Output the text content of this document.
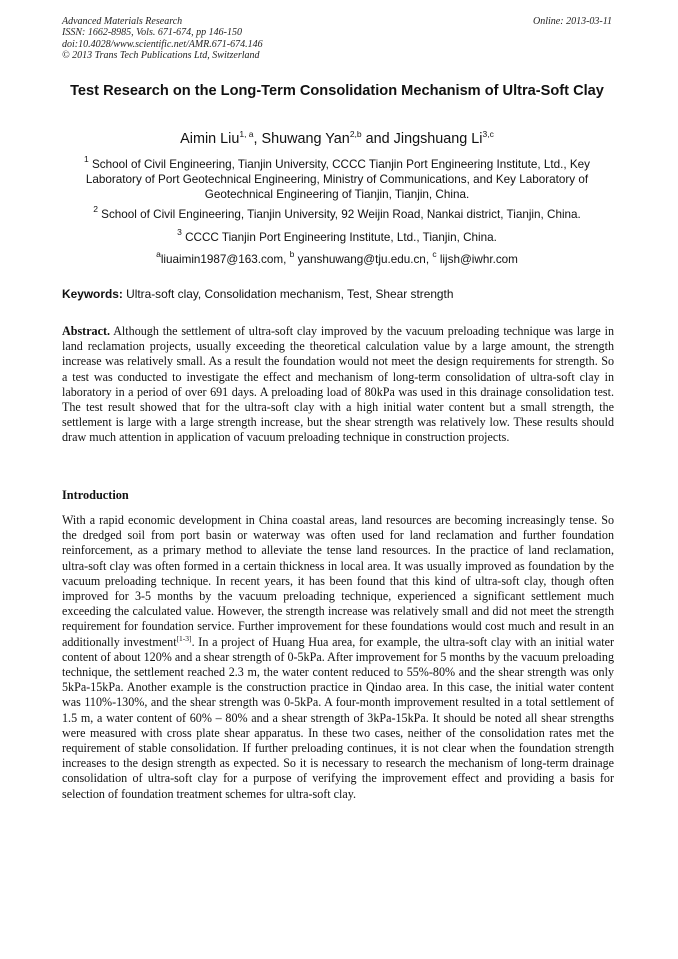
Advanced Materials Research
ISSN: 1662-8985, Vols. 671-674, pp 146-150
doi:10.4028/www.scientific.net/AMR.671-674.146
© 2013 Trans Tech Publications Ltd, Switzerland
Online: 2013-03-11
Test Research on the Long-Term Consolidation Mechanism of Ultra-Soft Clay
Aimin Liu$^{1, a}$, Shuwang Yan$^{2,b}$ and Jingshuang Li$^{3,c}$
$^1$ School of Civil Engineering, Tianjin University, CCCC Tianjin Port Engineering Institute, Ltd., Key Laboratory of Port Geotechnical Engineering, Ministry of Communications, and Key Laboratory of Geotechnical Engineering of Tianjin, Tianjin, China.
$^2$ School of Civil Engineering, Tianjin University, 92 Weijin Road, Nankai district, Tianjin, China.
$^3$ CCCC Tianjin Port Engineering Institute, Ltd., Tianjin, China.
$^a$liuaimin1987@163.com, $^b$ yanshuwang@tju.edu.cn, $^c$ lijsh@iwhr.com
Keywords: Ultra-soft clay, Consolidation mechanism, Test, Shear strength
Abstract. Although the settlement of ultra-soft clay improved by the vacuum preloading technique was large in land reclamation projects, usually exceeding the theoretical calculation value by a large amount, the strength increase was relatively small. As a result the foundation would not meet the design requirements for strength. So a test was conducted to investigate the effect and mechanism of long-term consolidation of ultra-soft clay in laboratory in a period of over 691 days. A preloading load of 80kPa was used in this drainage consolidation test. The test result showed that for the ultra-soft clay with a high initial water content but a small strength, the settlement is large with a large strength increase, but the shear strength was relatively low. These results should draw much attention in application of vacuum preloading technique in construction projects.
Introduction
With a rapid economic development in China coastal areas, land resources are becoming increasingly tense. So the dredged soil from port basin or waterway was often used for land reclamation and further foundation reinforcement, as a primary method to alleviate the tense land resources. In the practice of land reclamation, ultra-soft clay was often formed in a certain thickness in local area. It was usually improved as foundation by the vacuum preloading technique. In recent years, it has been found that this kind of ultra-soft clay, though often improved for 3-5 months by the vacuum preloading technique, experienced a significant settlement much exceeding the calculated value. However, the strength increase was relatively small and did not meet the strength requirement for foundation service. Further improvement for these foundations would cost much and result in an additionally investment[1-3]. In a project of Huang Hua area, for example, the ultra-soft clay with an initial water content of about 120% and a shear strength of 0-5kPa. After improvement for 5 months by the vacuum preloading technique, the settlement reached 2.3 m, the water content reduced to 55%-80% and the shear strength was only 5kPa-15kPa. Another example is the construction practice in Qindao area. In this case, the initial water content was 110%-130%, and the shear strength was 0-5kPa. A four-month improvement resulted in a total settlement of 1.5 m, a water content of 60% – 80% and a shear strength of 3kPa-15kPa. It should be noted all shear strengths were measured with cross plate shear apparatus. In these two cases, neither of the consolidation rates met the requirement of stable consolidation. If further preloading continues, it is not clear when the foundation strength increases to the design strength as expected. So it is necessary to research the mechanism of long-term drainage consolidation of ultra-soft clay for a purpose of verifying the improvement effect and providing a basis for selection of foundation treatment schemes for ultra-soft clay.
